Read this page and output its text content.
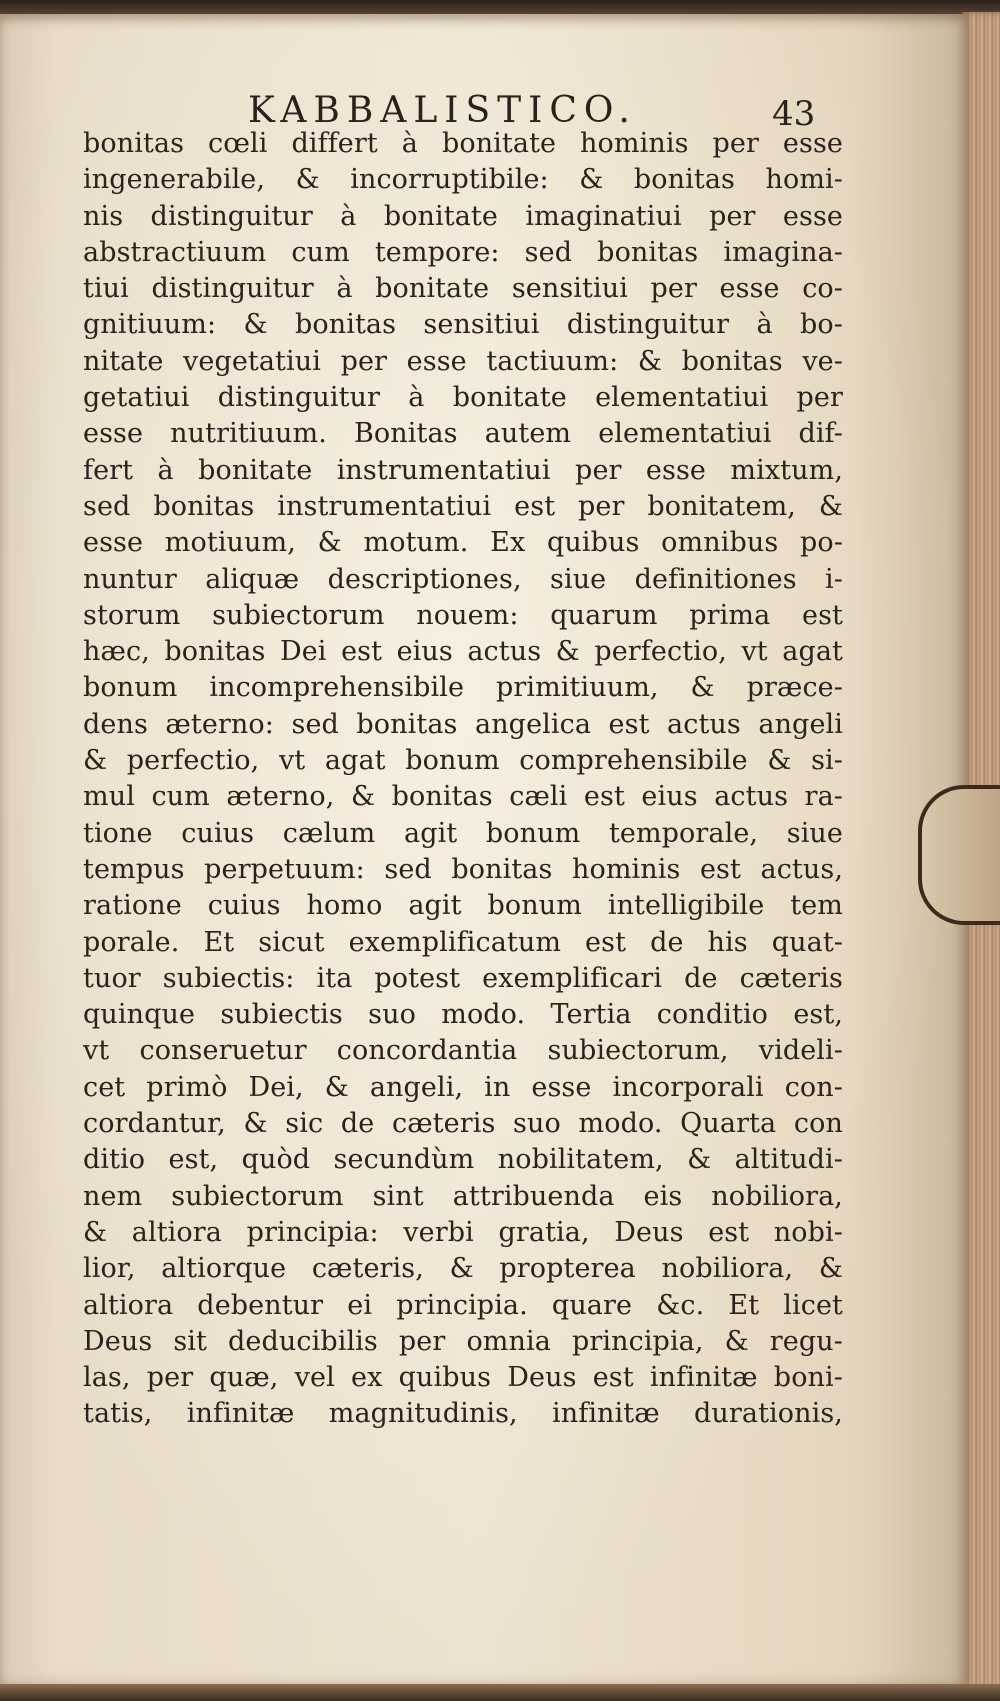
KABBALISTICO.	43
bonitas cœli differt à bonitate hominis per esse
ingenerabile, & incorruptibile: & bonitas homi-
nis distinguitur à bonitate imaginatiui per esse
abstractiuum cum tempore: sed bonitas imagina-
tiui distinguitur à bonitate sensitiui per esse co-
gnitiuum: & bonitas sensitiui distinguitur à bo-
nitate vegetatiui per esse tactiuum: & bonitas ve-
getatiui distinguitur à bonitate elementatiui per
esse nutritiuum. Bonitas autem elementatiui dif-
fert à bonitate instrumentatiui per esse mixtum,
sed bonitas instrumentatiui est per bonitatem, &
esse motiuum, & motum. Ex quibus omnibus po-
nuntur aliquæ descriptiones, siue definitiones i-
storum subiectorum nouem: quarum prima est
hæc, bonitas Dei est eius actus & perfectio, vt agat
bonum incomprehensibile primitiuum, & præce-
dens æterno: sed bonitas angelica est actus angeli
& perfectio, vt agat bonum comprehensibile & si-
mul cum æterno, & bonitas cæli est eius actus ra-
tione cuius cælum agit bonum temporale, siue
tempus perpetuum: sed bonitas hominis est actus,
ratione cuius homo agit bonum intelligibile tem
porale. Et sicut exemplificatum est de his quat-
tuor subiectis: ita potest exemplificari de cæteris
quinque subiectis suo modo. Tertia conditio est,
vt conseruetur concordantia subiectorum, videli-
cet primò Dei, & angeli, in esse incorporali con-
cordantur, & sic de cæteris suo modo. Quarta con
ditio est, quòd secundùm nobilitatem, & altitudi-
nem subiectorum sint attribuenda eis nobiliora,
& altiora principia: verbi gratia, Deus est nobi-
lior, altiorque cæteris, & propterea nobiliora, &
altiora debentur ei principia. quare &c. Et licet
Deus sit deducibilis per omnia principia, & regu-
las, per quæ, vel ex quibus Deus est infinitæ boni-
tatis, infinitæ magnitudinis, infinitæ durationis,
